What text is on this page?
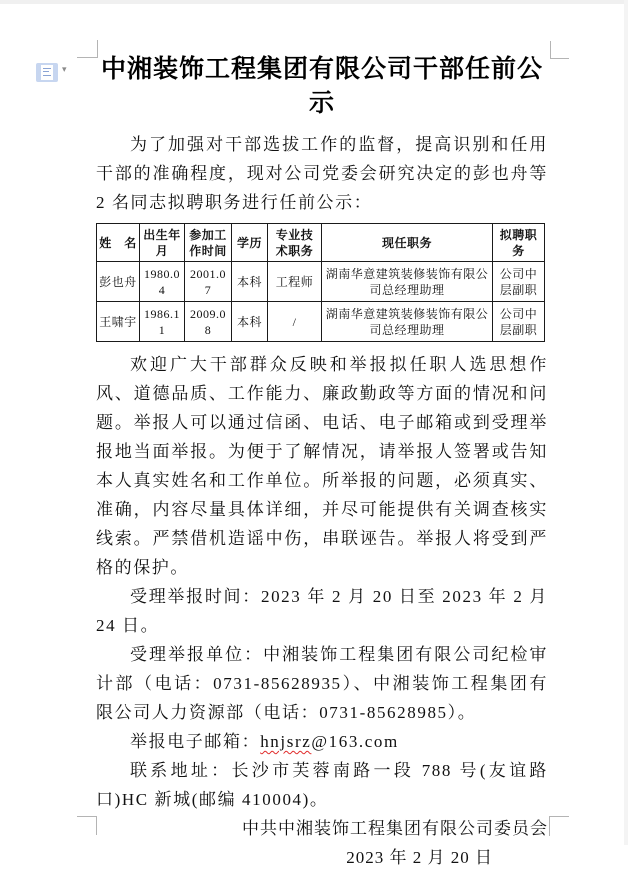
▾ 中湘装饰工程集团有限公司干部任前公示

为了加强对干部选拔工作的监督，提高识别和任用干部的准确程度，现对公司党委会研究决定的彭也舟等 2 名同志拟聘职务进行任前公示：

姓　名	出生年月	参加工作时间	学历	专业技术职务	现任职务	拟聘职务
彭也舟	1980.04	2001.07	本科	工程师	湖南华意建筑装修装饰有限公司总经理助理	公司中层副职
王啸宇	1986.11	2009.08	本科	/	湖南华意建筑装修装饰有限公司总经理助理	公司中层副职

欢迎广大干部群众反映和举报拟任职人选思想作风、道德品质、工作能力、廉政勤政等方面的情况和问题。举报人可以通过信函、电话、电子邮箱或到受理举报地当面举报。为便于了解情况，请举报人签署或告知本人真实姓名和工作单位。所举报的问题，必须真实、准确，内容尽量具体详细，并尽可能提供有关调查核实线索。严禁借机造谣中伤，串联诬告。举报人将受到严格的保护。

受理举报时间：2023 年 2 月 20 日至 2023 年 2 月 24 日。

受理举报单位：中湘装饰工程集团有限公司纪检审计部（电话：0731-85628935）、中湘装饰工程集团有限公司人力资源部（电话：0731-85628985）。

举报电子邮箱：hnjsrz@163.com

联系地址：长沙市芙蓉南路一段 788 号(友谊路口)HC 新城(邮编 410004)。

中共中湘装饰工程集团有限公司委员会

2023 年 2 月 20 日
